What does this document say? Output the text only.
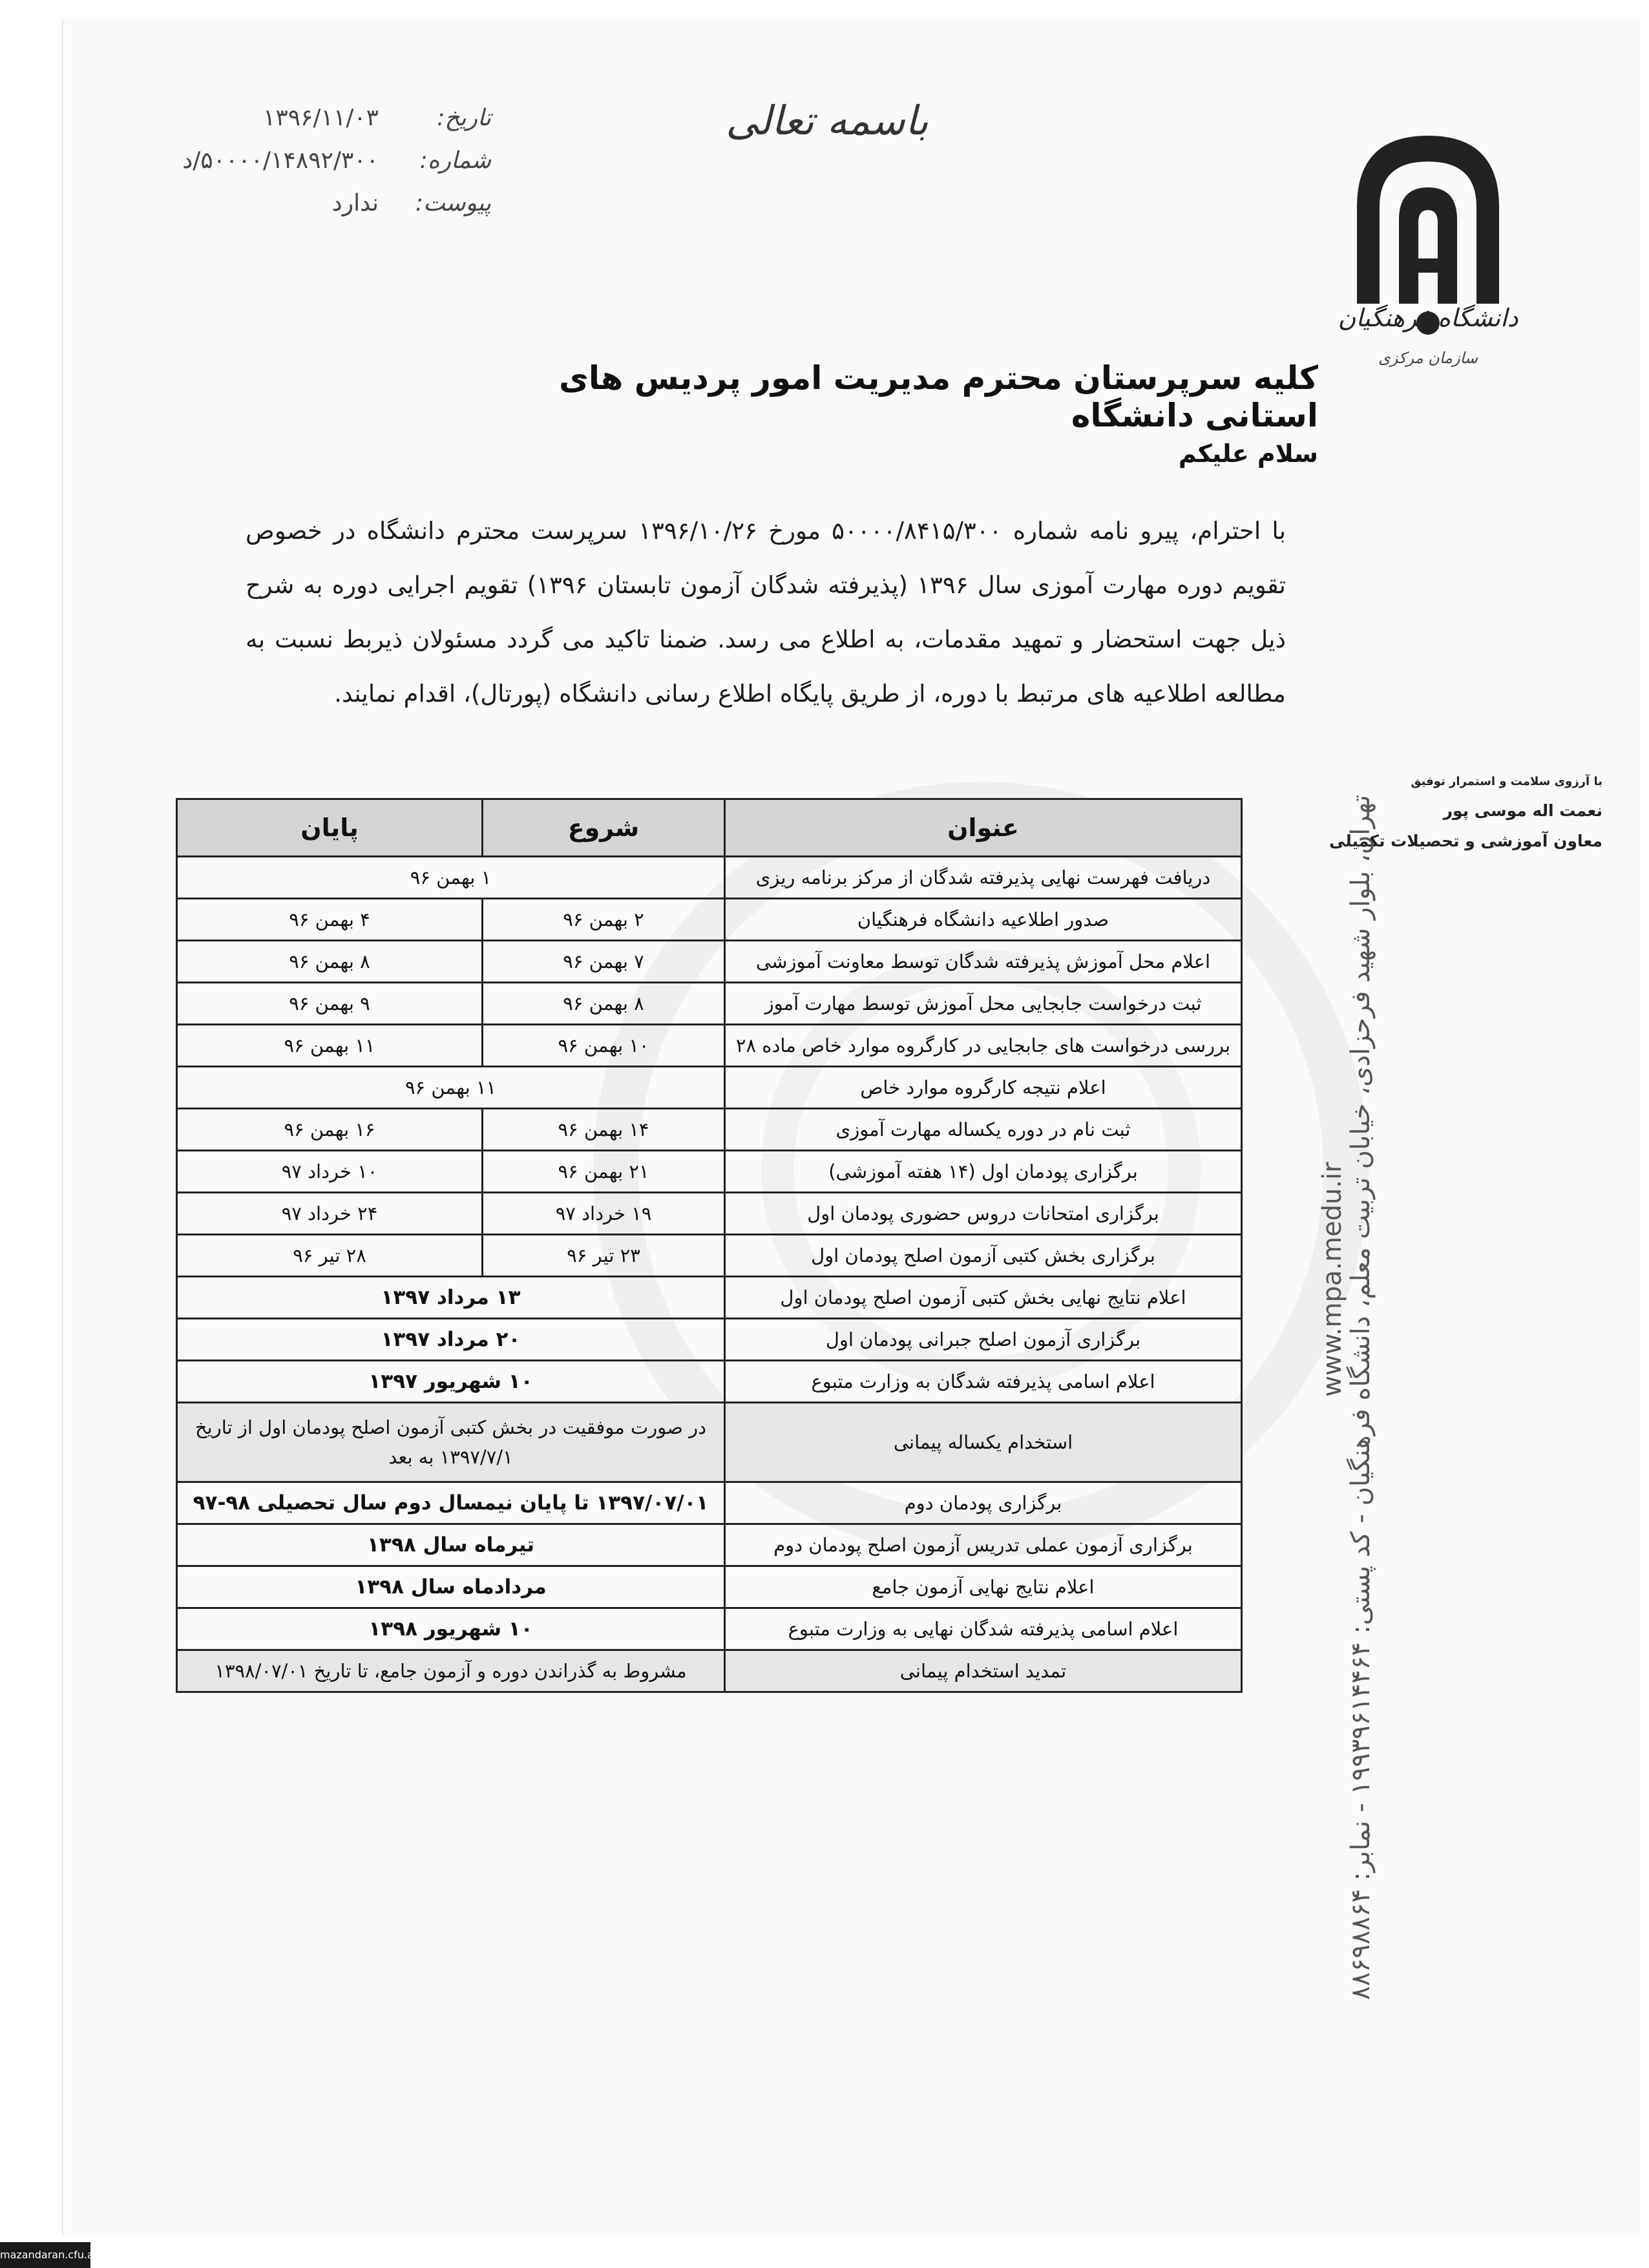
باسمه تعالی
تاریخ:
۱۳۹۶/۱۱/۰۳
شماره:
۵۰۰۰۰/۱۴۸۹۲/۳۰۰/د
پیوست:
ندارد
دانشگاه فرهنگیان
سازمان مرکزی
کلیه سرپرستان محترم مدیریت امور پردیس های استانی دانشگاه
سلام علیکم
با احترام، پیرو نامه شماره ۵۰۰۰۰/۸۴۱۵/۳۰۰ مورخ ۱۳۹۶/۱۰/۲۶ سرپرست محترم دانشگاه در خصوص تقویم دوره مهارت آموزی سال ۱۳۹۶ (پذیرفته شدگان آزمون تابستان ۱۳۹۶) تقویم اجرایی دوره به شرح ذیل جهت استحضار و تمهید مقدمات، به اطلاع می رسد. ضمنا تاکید می گردد مسئولان ذیربط نسبت به مطالعه اطلاعیه های مرتبط با دوره، از طریق پایگاه اطلاع رسانی دانشگاه (پورتال)، اقدام نمایند.
با آرزوی سلامت و استمرار توفیق
نعمت اله موسی پور
معاون آموزشی و تحصیلات تکمیلی
www.mpa.medu.ir
تهران، بلوار شهید فرحزادی، خیابان تربیت معلم، دانشگاه فرهنگیان - کد پستی: ۱۹۹۳۹۶۱۴۴۶۴ - نمابر: ۸۸۶۹۸۸۶۴
عنوان	شروع	پایان
دریافت فهرست نهایی پذیرفته شدگان از مرکز برنامه ریزی	۱ بهمن ۹۶	
صدور اطلاعیه دانشگاه فرهنگیان	۲ بهمن ۹۶	۴ بهمن ۹۶
اعلام محل آموزش پذیرفته شدگان توسط معاونت آموزشی	۷ بهمن ۹۶	۸ بهمن ۹۶
ثبت درخواست جابجایی محل آموزش توسط مهارت آموز	۸ بهمن ۹۶	۹ بهمن ۹۶
بررسی درخواست های جابجایی در کارگروه موارد خاص ماده ۲۸	۱۰ بهمن ۹۶	۱۱ بهمن ۹۶
اعلام نتیجه کارگروه موارد خاص	۱۱ بهمن ۹۶	
ثبت نام در دوره یکساله مهارت آموزی	۱۴ بهمن ۹۶	۱۶ بهمن ۹۶
برگزاری پودمان اول (۱۴ هفته آموزشی)	۲۱ بهمن ۹۶	۱۰ خرداد ۹۷
برگزاری امتحانات دروس حضوری پودمان اول	۱۹ خرداد ۹۷	۲۴ خرداد ۹۷
برگزاری بخش کتبی آزمون اصلح پودمان اول	۲۳ تیر ۹۶	۲۸ تیر ۹۶
اعلام نتایج نهایی بخش کتبی آزمون اصلح پودمان اول	۱۳ مرداد ۱۳۹۷	
برگزاری آزمون اصلح جبرانی پودمان اول	۲۰ مرداد ۱۳۹۷	
اعلام اسامی پذیرفته شدگان به وزارت متبوع	۱۰ شهریور ۱۳۹۷	
استخدام یکساله پیمانی	در صورت موفقیت در بخش کتبی آزمون اصلح پودمان اول از تاریخ ۱۳۹۷/۷/۱ به بعد	
برگزاری پودمان دوم	۱۳۹۷/۰۷/۰۱ تا پایان نیمسال دوم سال تحصیلی ۹۸-۹۷	
برگزاری آزمون عملی تدریس آزمون اصلح پودمان دوم	تیرماه سال ۱۳۹۸	
اعلام نتایج نهایی آزمون جامع	مردادماه سال ۱۳۹۸	
اعلام اسامی پذیرفته شدگان نهایی به وزارت متبوع	۱۰ شهریور ۱۳۹۸	
تمدید استخدام پیمانی	مشروط به گذراندن دوره و آزمون جامع، تا تاریخ ۱۳۹۸/۰۷/۰۱	
mazandaran.cfu.ac.ir
